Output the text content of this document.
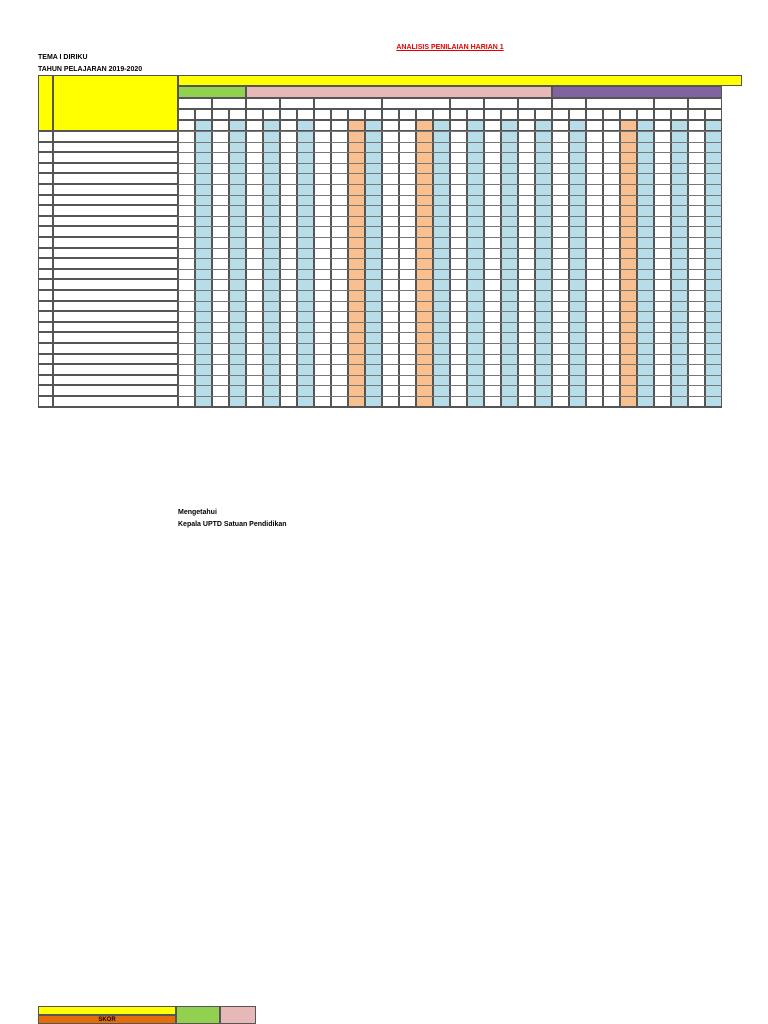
ANALISIS PENILAIAN HARIAN 1
TEMA I DIRIKU
TAHUN PELAJARAN 2019-2020
Mengetahui
Kepala UPTD Satuan Pendidikan
SKOR
